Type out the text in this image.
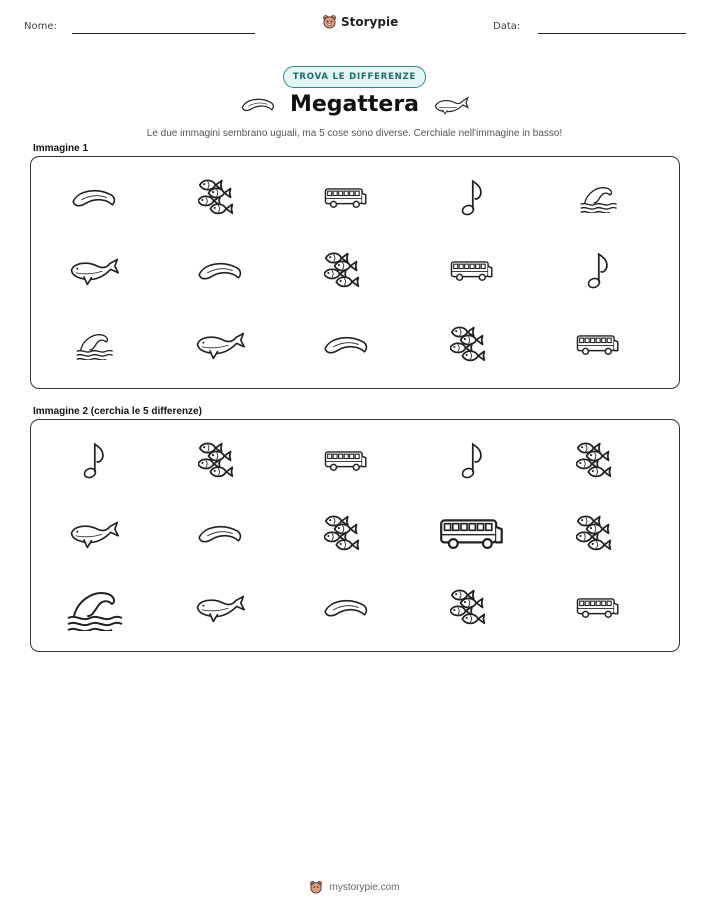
Nome:	Storypie	Data:
TROVA LE DIFFERENZE
Megattera
Le due immagini sembrano uguali, ma 5 cose sono diverse. Cerchiale nell'immagine in basso!
Immagine 1
Immagine 2 (cerchia le 5 differenze)
mystorypie.com
